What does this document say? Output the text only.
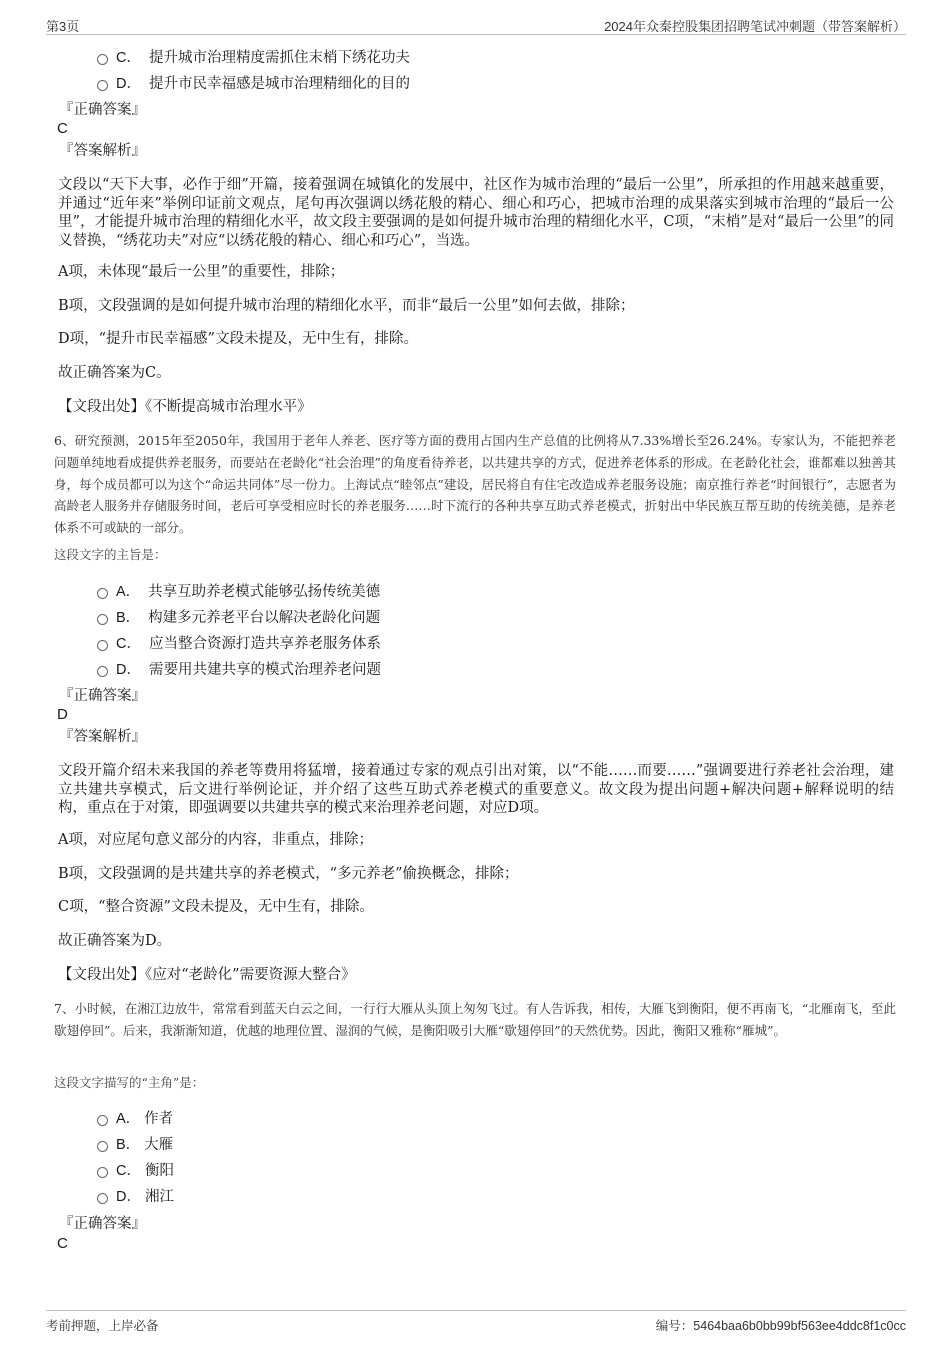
第3页	2024年众秦控股集团招聘笔试冲刺题（带答案解析）
C． 提升城市治理精度需抓住末梢下绣花功夫
D． 提升市民幸福感是城市治理精细化的目的
『正确答案』
C
『答案解析』

文段以“天下大事，必作于细”开篇，接着强调在城镇化的发展中，社区作为城市治理的“最后一公里”，所承担的作用越来越重要，并通过“近年来”举例印证前文观点，尾句再次强调以绣花般的精心、细心和巧心，把城市治理的成果落实到城市治理的“最后一公里”，才能提升城市治理的精细化水平，故文段主要强调的是如何提升城市治理的精细化水平，C项，“末梢”是对“最后一公里”的同义替换，“绣花功夫”对应“以绣花般的精心、细心和巧心”，当选。

A项，未体现“最后一公里”的重要性，排除；
B项，文段强调的是如何提升城市治理的精细化水平，而非“最后一公里”如何去做，排除；
D项，“提升市民幸福感”文段未提及，无中生有，排除。
故正确答案为C。
【文段出处】《不断提高城市治理水平》

6、研究预测，2015年至2050年，我国用于老年人养老、医疗等方面的费用占国内生产总值的比例将从7.33%增长至26.24%。专家认为，不能把养老问题单纯地看成提供养老服务，而要站在老龄化“社会治理”的角度看待养老，以共建共享的方式，促进养老体系的形成。在老龄化社会，谁都难以独善其身，每个成员都可以为这个“命运共同体”尽一份力。上海试点“睦邻点”建设，居民将自有住宅改造成养老服务设施；南京推行养老“时间银行”，志愿者为高龄老人服务并存储服务时间，老后可享受相应时长的养老服务……时下流行的各种共享互助式养老模式，折射出中华民族互帮互助的传统美德，是养老体系不可或缺的一部分。

这段文字的主旨是：
A． 共享互助养老模式能够弘扬传统美德
B． 构建多元养老平台以解决老龄化问题
C． 应当整合资源打造共享养老服务体系
D． 需要用共建共享的模式治理养老问题
『正确答案』
D
『答案解析』

文段开篇介绍未来我国的养老等费用将猛增，接着通过专家的观点引出对策，以“不能……而要……”强调要进行养老社会治理，建立共建共享模式，后文进行举例论证，并介绍了这些互助式养老模式的重要意义。故文段为提出问题+解决问题+解释说明的结构，重点在于对策，即强调要以共建共享的模式来治理养老问题，对应D项。

A项，对应尾句意义部分的内容，非重点，排除；
B项，文段强调的是共建共享的养老模式，“多元养老”偷换概念，排除；
C项，“整合资源”文段未提及，无中生有，排除。
故正确答案为D。
【文段出处】《应对“老龄化”需要资源大整合》

7、小时候，在湘江边放牛，常常看到蓝天白云之间，一行行大雁从头顶上匆匆飞过。有人告诉我，相传，大雁飞到衡阳，便不再南飞，“北雁南飞，至此歇翅停回”。后来，我渐渐知道，优越的地理位置、湿润的气候，是衡阳吸引大雁“歇翅停回”的天然优势。因此，衡阳又雅称“雁城”。

这段文字描写的“主角”是：
A． 作者
B． 大雁
C． 衡阳
D． 湘江
『正确答案』
C
考前押题，上岸必备	编号：5464baa6b0bb99bf563ee4ddc8f1c0cc
